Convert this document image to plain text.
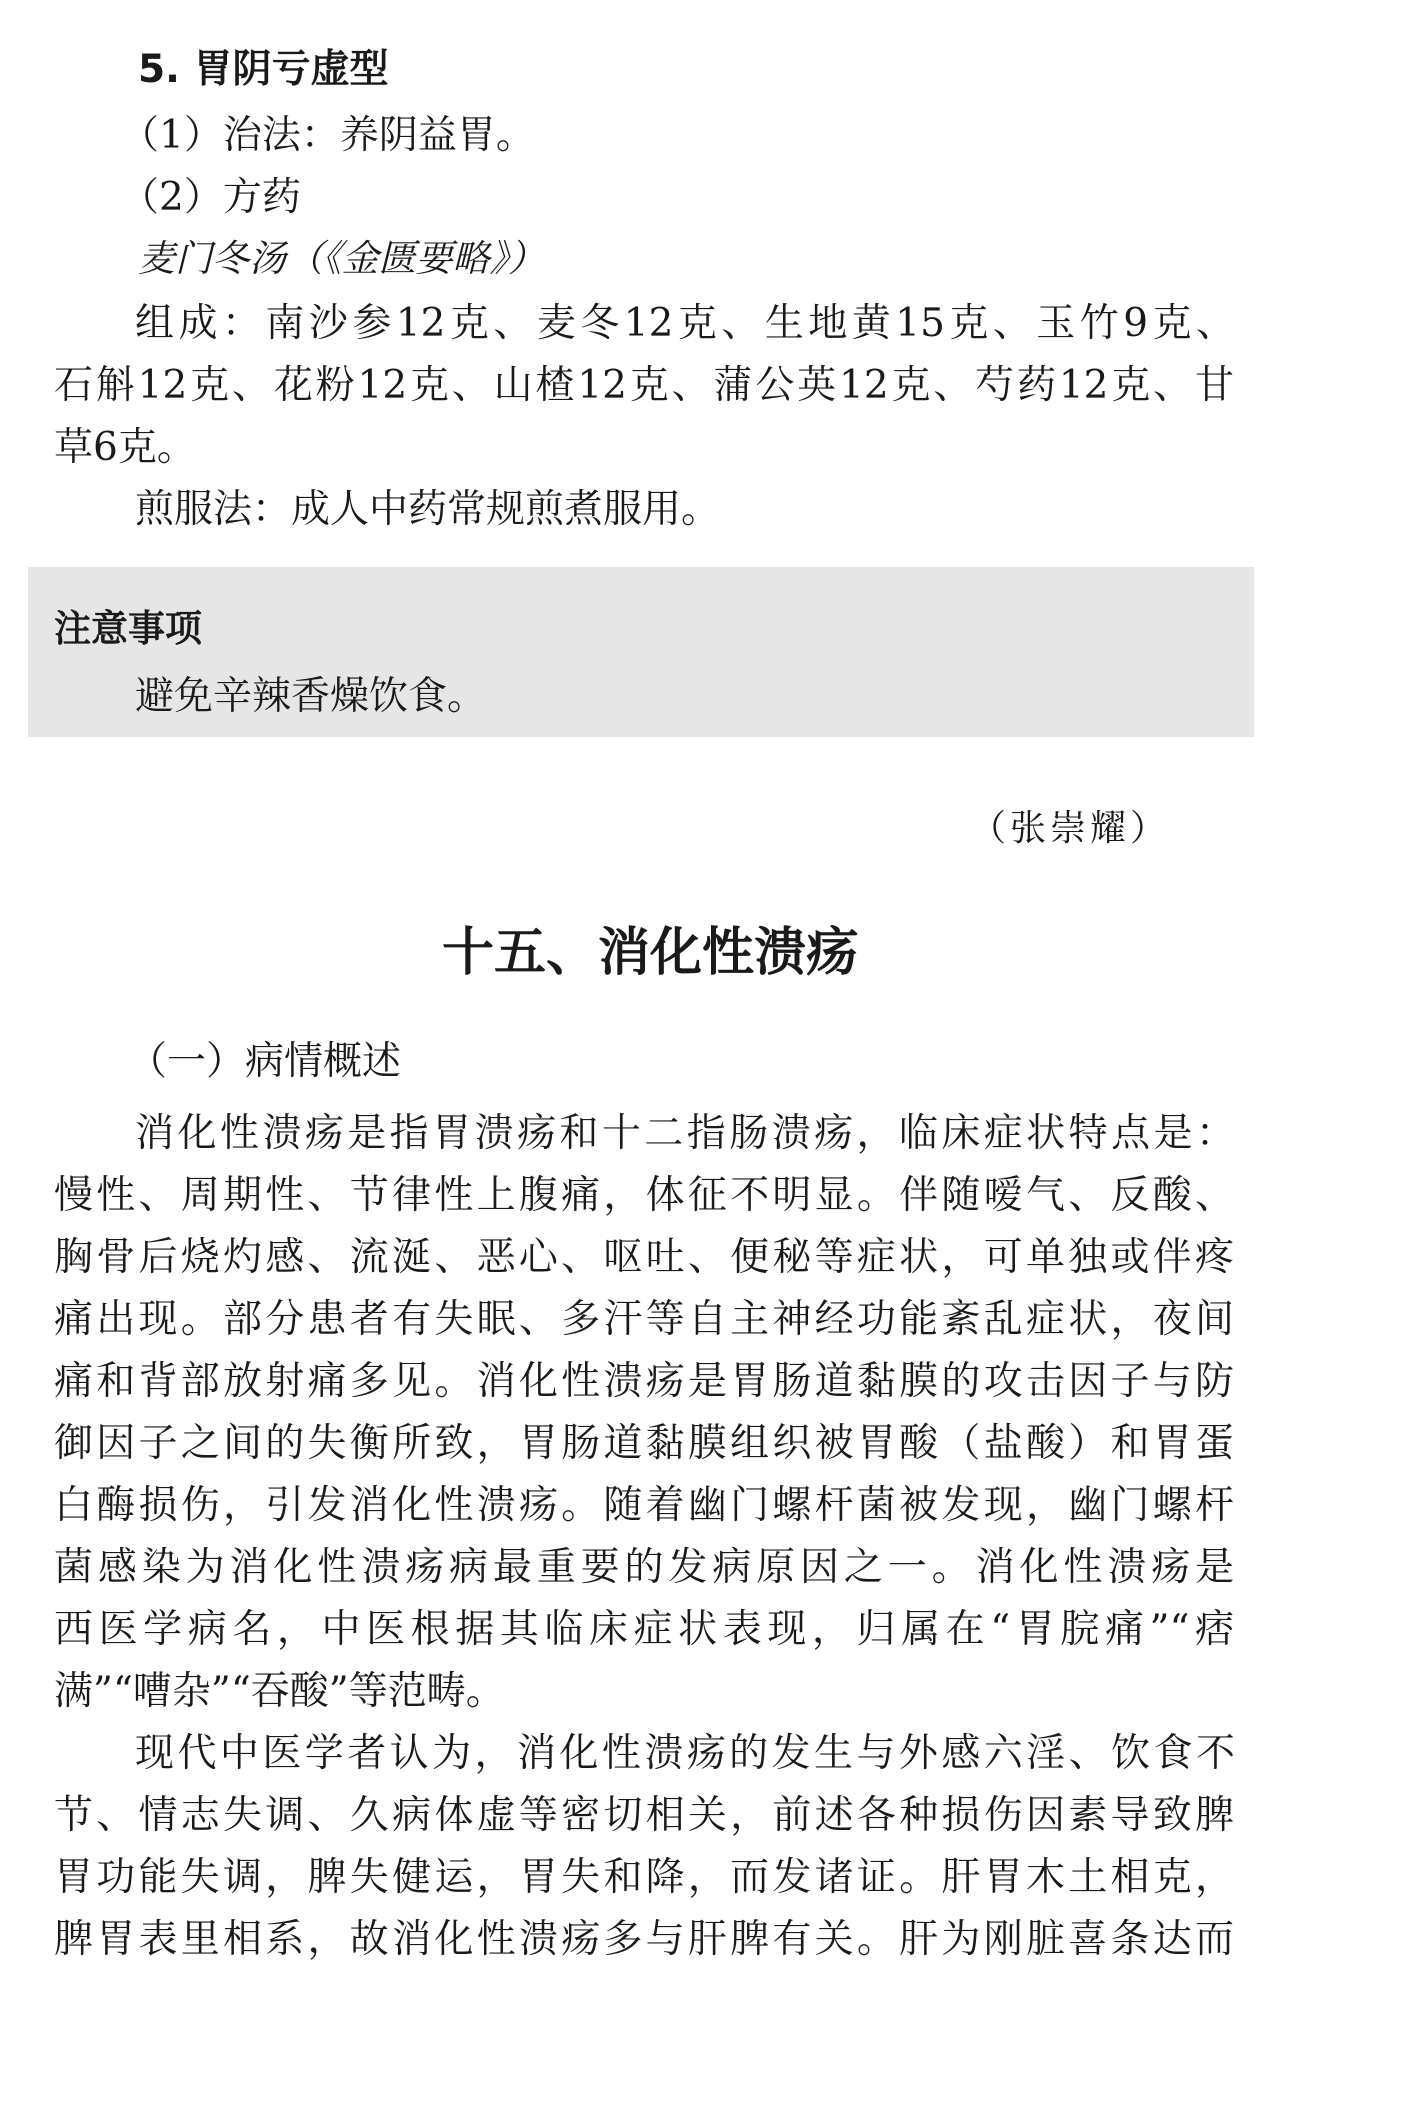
5. 胃阴亏虚型
（1）治法：养阴益胃。
（2）方药
麦门冬汤（《金匮要略》）
组成：南沙参12克、麦冬12克、生地黄15克、玉竹9克、
石斛12克、花粉12克、山楂12克、蒲公英12克、芍药12克、甘
草6克。
煎服法：成人中药常规煎煮服用。
注意事项
避免辛辣香燥饮食。
（张崇耀）
十五、消化性溃疡
（一）病情概述
消化性溃疡是指胃溃疡和十二指肠溃疡，临床症状特点是：
慢性、周期性、节律性上腹痛，体征不明显。伴随嗳气、反酸、
胸骨后烧灼感、流涎、恶心、呕吐、便秘等症状，可单独或伴疼
痛出现。部分患者有失眠、多汗等自主神经功能紊乱症状，夜间
痛和背部放射痛多见。消化性溃疡是胃肠道黏膜的攻击因子与防
御因子之间的失衡所致，胃肠道黏膜组织被胃酸（盐酸）和胃蛋
白酶损伤，引发消化性溃疡。随着幽门螺杆菌被发现，幽门螺杆
菌感染为消化性溃疡病最重要的发病原因之一。消化性溃疡是
西医学病名，中医根据其临床症状表现，归属在“胃脘痛”“痞
满”“嘈杂”“吞酸”等范畴。
现代中医学者认为，消化性溃疡的发生与外感六淫、饮食不
节、情志失调、久病体虚等密切相关，前述各种损伤因素导致脾
胃功能失调，脾失健运，胃失和降，而发诸证。肝胃木土相克，
脾胃表里相系，故消化性溃疡多与肝脾有关。肝为刚脏喜条达而
